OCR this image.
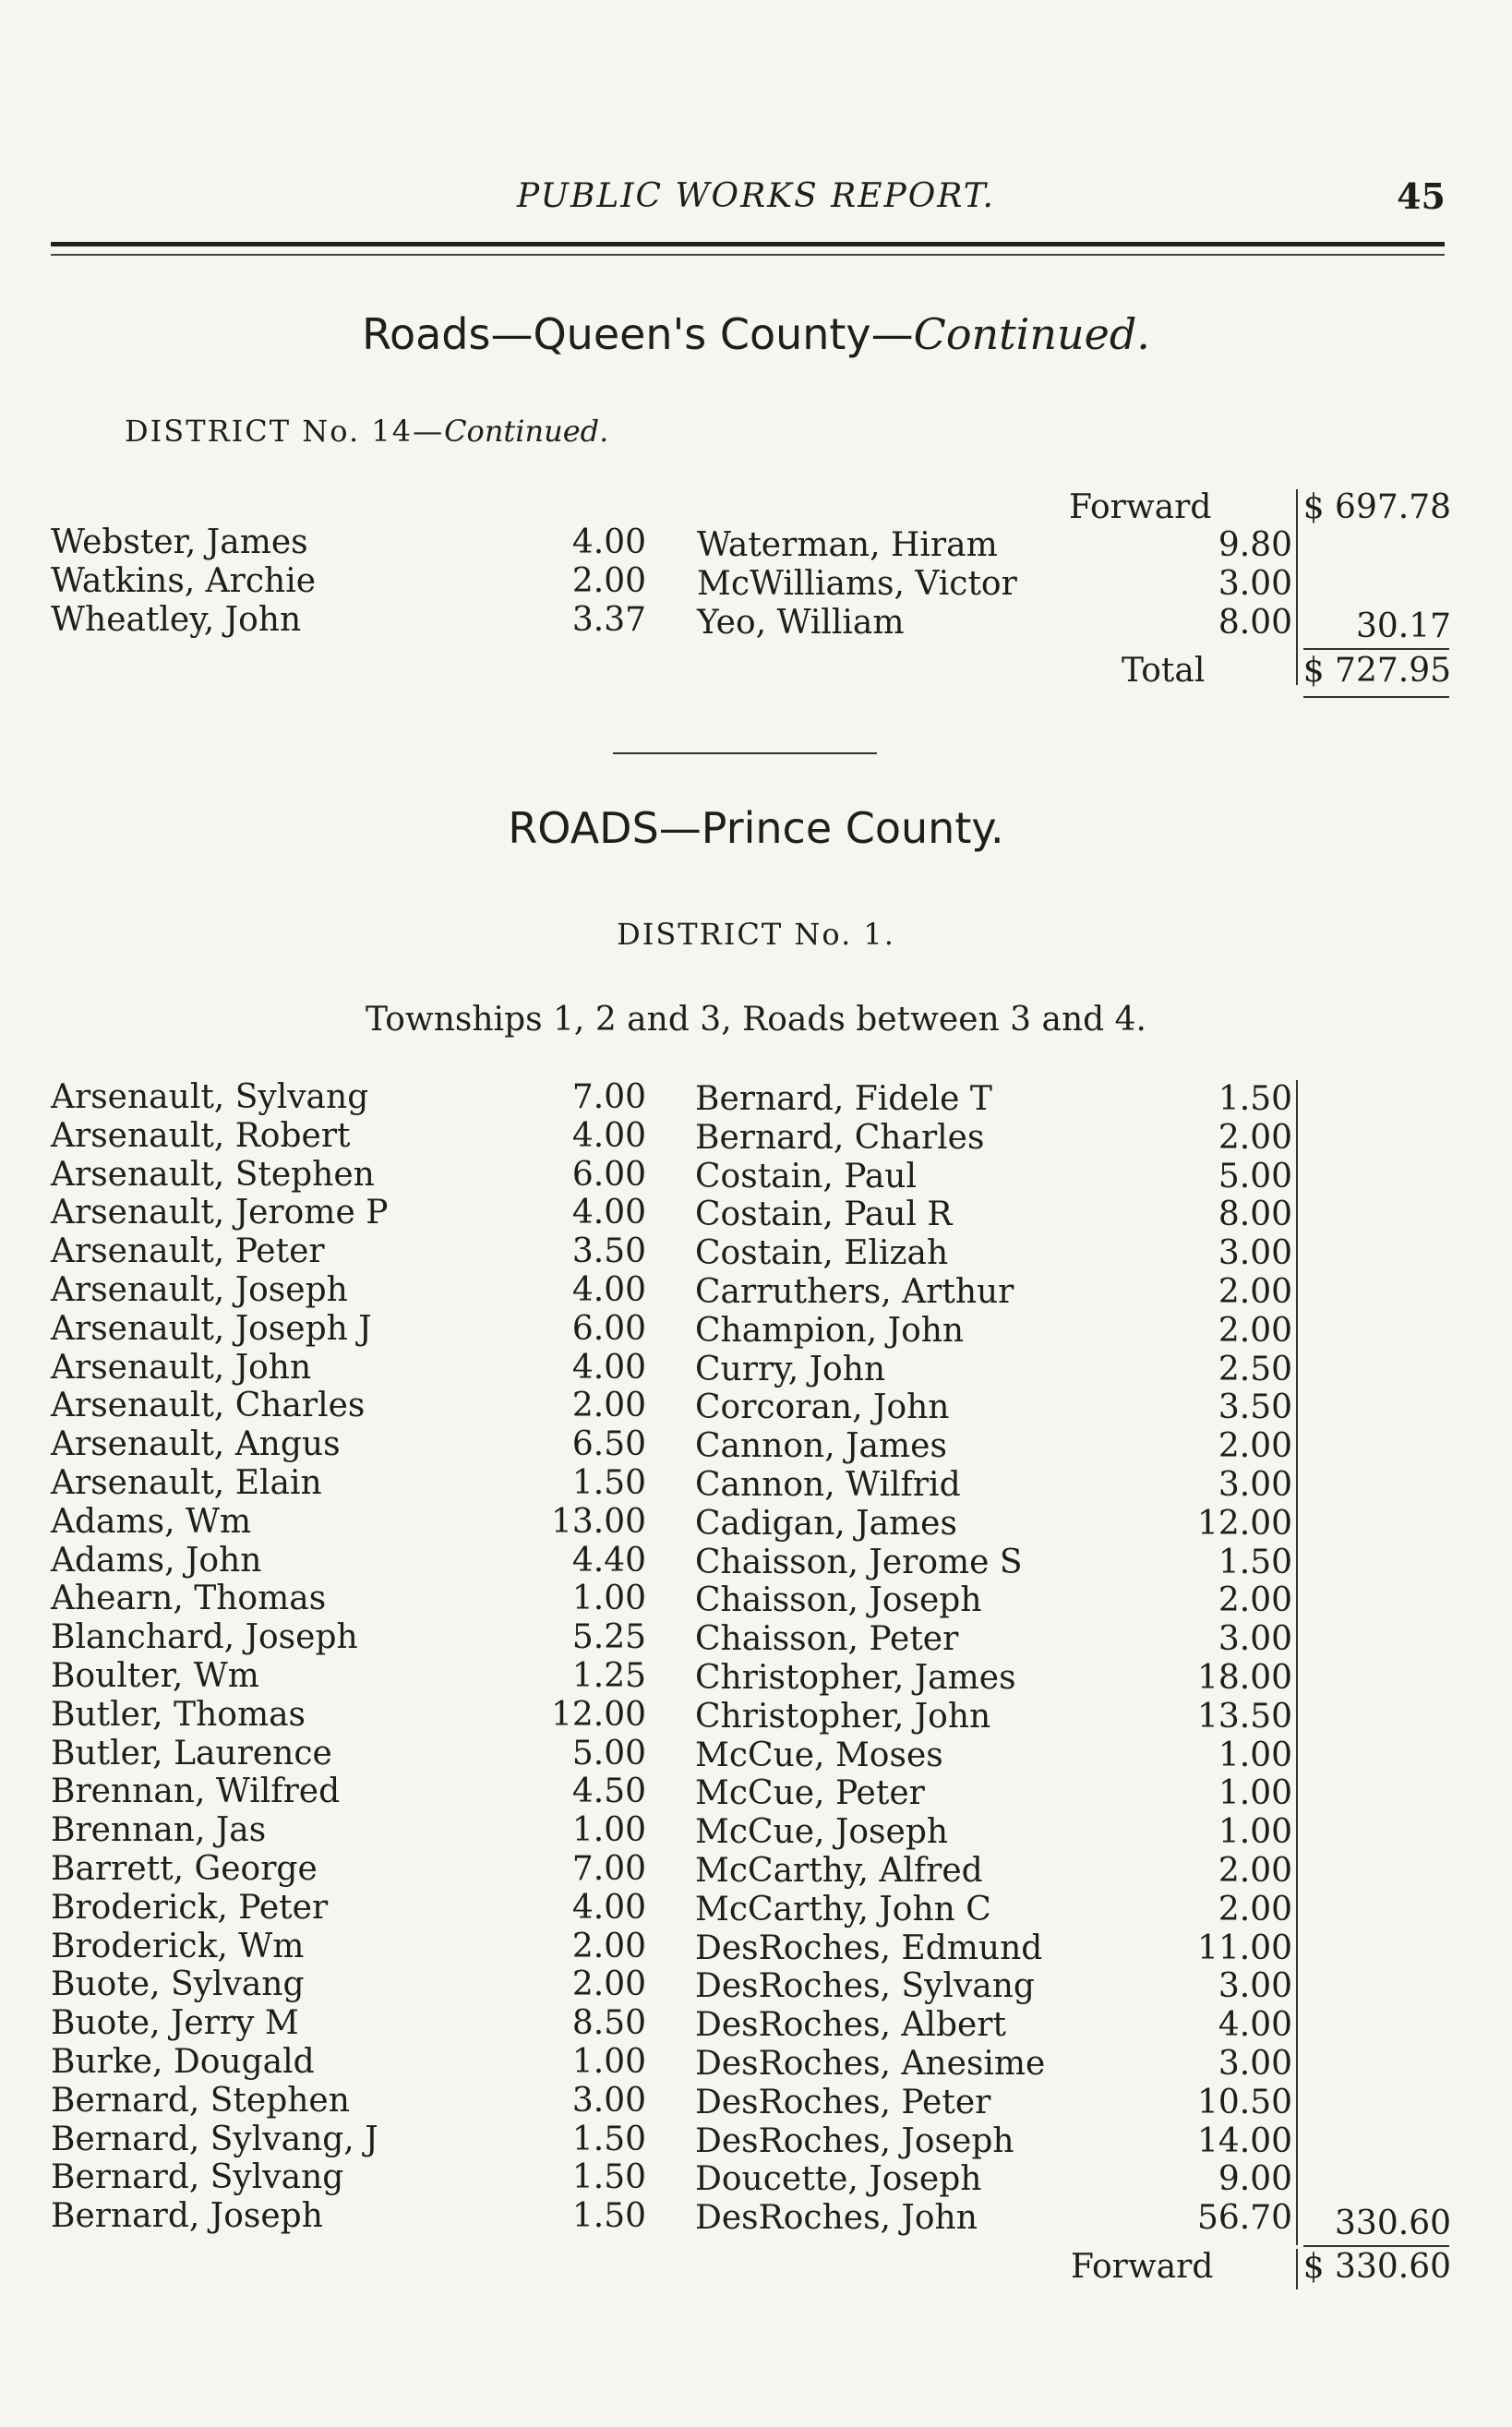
PUBLIC WORKS REPORT.	45
Roads—Queen's County—Continued.
DISTRICT No. 14—Continued.
Forward	$ 697.78
Webster, James	4.00
Watkins, Archie	2.00
Wheatley, John	3.37
Waterman, Hiram	9.80
McWilliams, Victor	3.00
Yeo, William	8.00	30.17
Total	$ 727.95
ROADS—Prince County.
DISTRICT No. 1.
Townships 1, 2 and 3, Roads between 3 and 4.
Arsenault, Sylvang	7.00
Arsenault, Robert	4.00
Arsenault, Stephen	6.00
Arsenault, Jerome P	4.00
Arsenault, Peter	3.50
Arsenault, Joseph	4.00
Arsenault, Joseph J	6.00
Arsenault, John	4.00
Arsenault, Charles	2.00
Arsenault, Angus	6.50
Arsenault, Elain	1.50
Adams, Wm	13.00
Adams, John	4.40
Ahearn, Thomas	1.00
Blanchard, Joseph	5.25
Boulter, Wm	1.25
Butler, Thomas	12.00
Butler, Laurence	5.00
Brennan, Wilfred	4.50
Brennan, Jas	1.00
Barrett, George	7.00
Broderick, Peter	4.00
Broderick, Wm	2.00
Buote, Sylvang	2.00
Buote, Jerry M	8.50
Burke, Dougald	1.00
Bernard, Stephen	3.00
Bernard, Sylvang, J	1.50
Bernard, Sylvang	1.50
Bernard, Joseph	1.50
Bernard, Fidele T	1.50
Bernard, Charles	2.00
Costain, Paul	5.00
Costain, Paul R	8.00
Costain, Elizah	3.00
Carruthers, Arthur	2.00
Champion, John	2.00
Curry, John	2.50
Corcoran, John	3.50
Cannon, James	2.00
Cannon, Wilfrid	3.00
Cadigan, James	12.00
Chaisson, Jerome S	1.50
Chaisson, Joseph	2.00
Chaisson, Peter	3.00
Christopher, James	18.00
Christopher, John	13.50
McCue, Moses	1.00
McCue, Peter	1.00
McCue, Joseph	1.00
McCarthy, Alfred	2.00
McCarthy, John C	2.00
DesRoches, Edmund	11.00
DesRoches, Sylvang	3.00
DesRoches, Albert	4.00
DesRoches, Anesime	3.00
DesRoches, Peter	10.50
DesRoches, Joseph	14.00
Doucette, Joseph	9.00
DesRoches, John	56.70	330.60
Forward	$ 330.60
